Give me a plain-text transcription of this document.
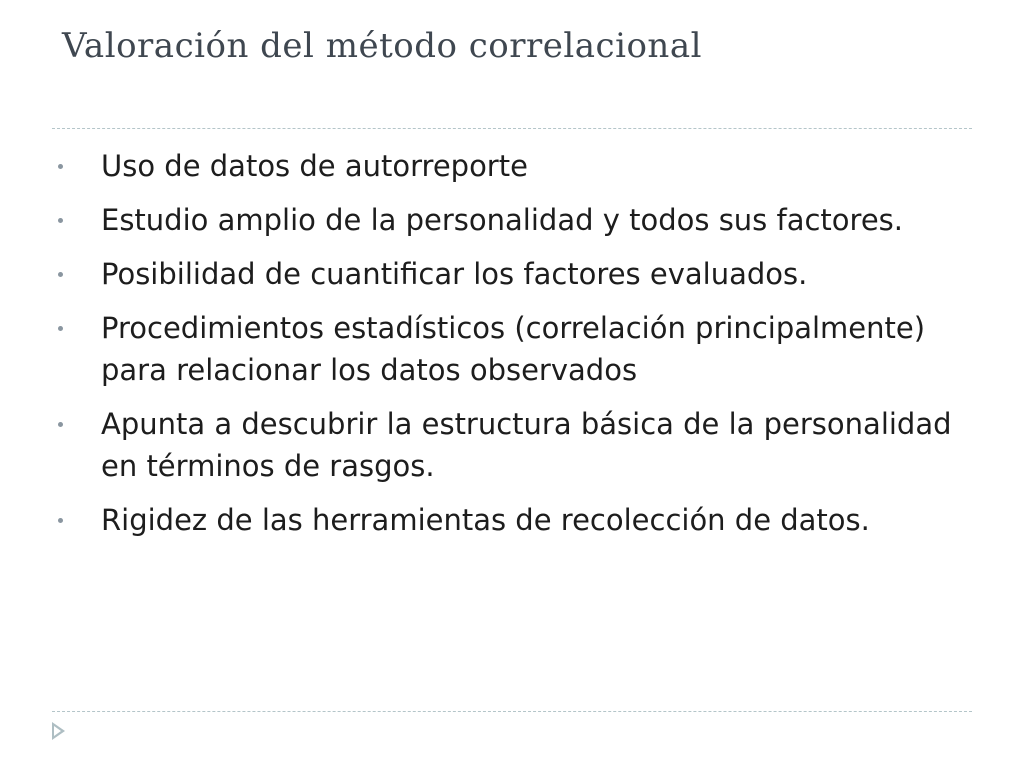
Valoración del método correlacional
Uso de datos de autorreporte
Estudio amplio de la personalidad y todos sus factores.
Posibilidad de cuantificar los factores evaluados.
Procedimientos estadísticos (correlación principalmente) para relacionar los datos observados
Apunta a descubrir la estructura básica de la personalidad en términos de rasgos.
Rigidez de las herramientas de recolección de datos.
